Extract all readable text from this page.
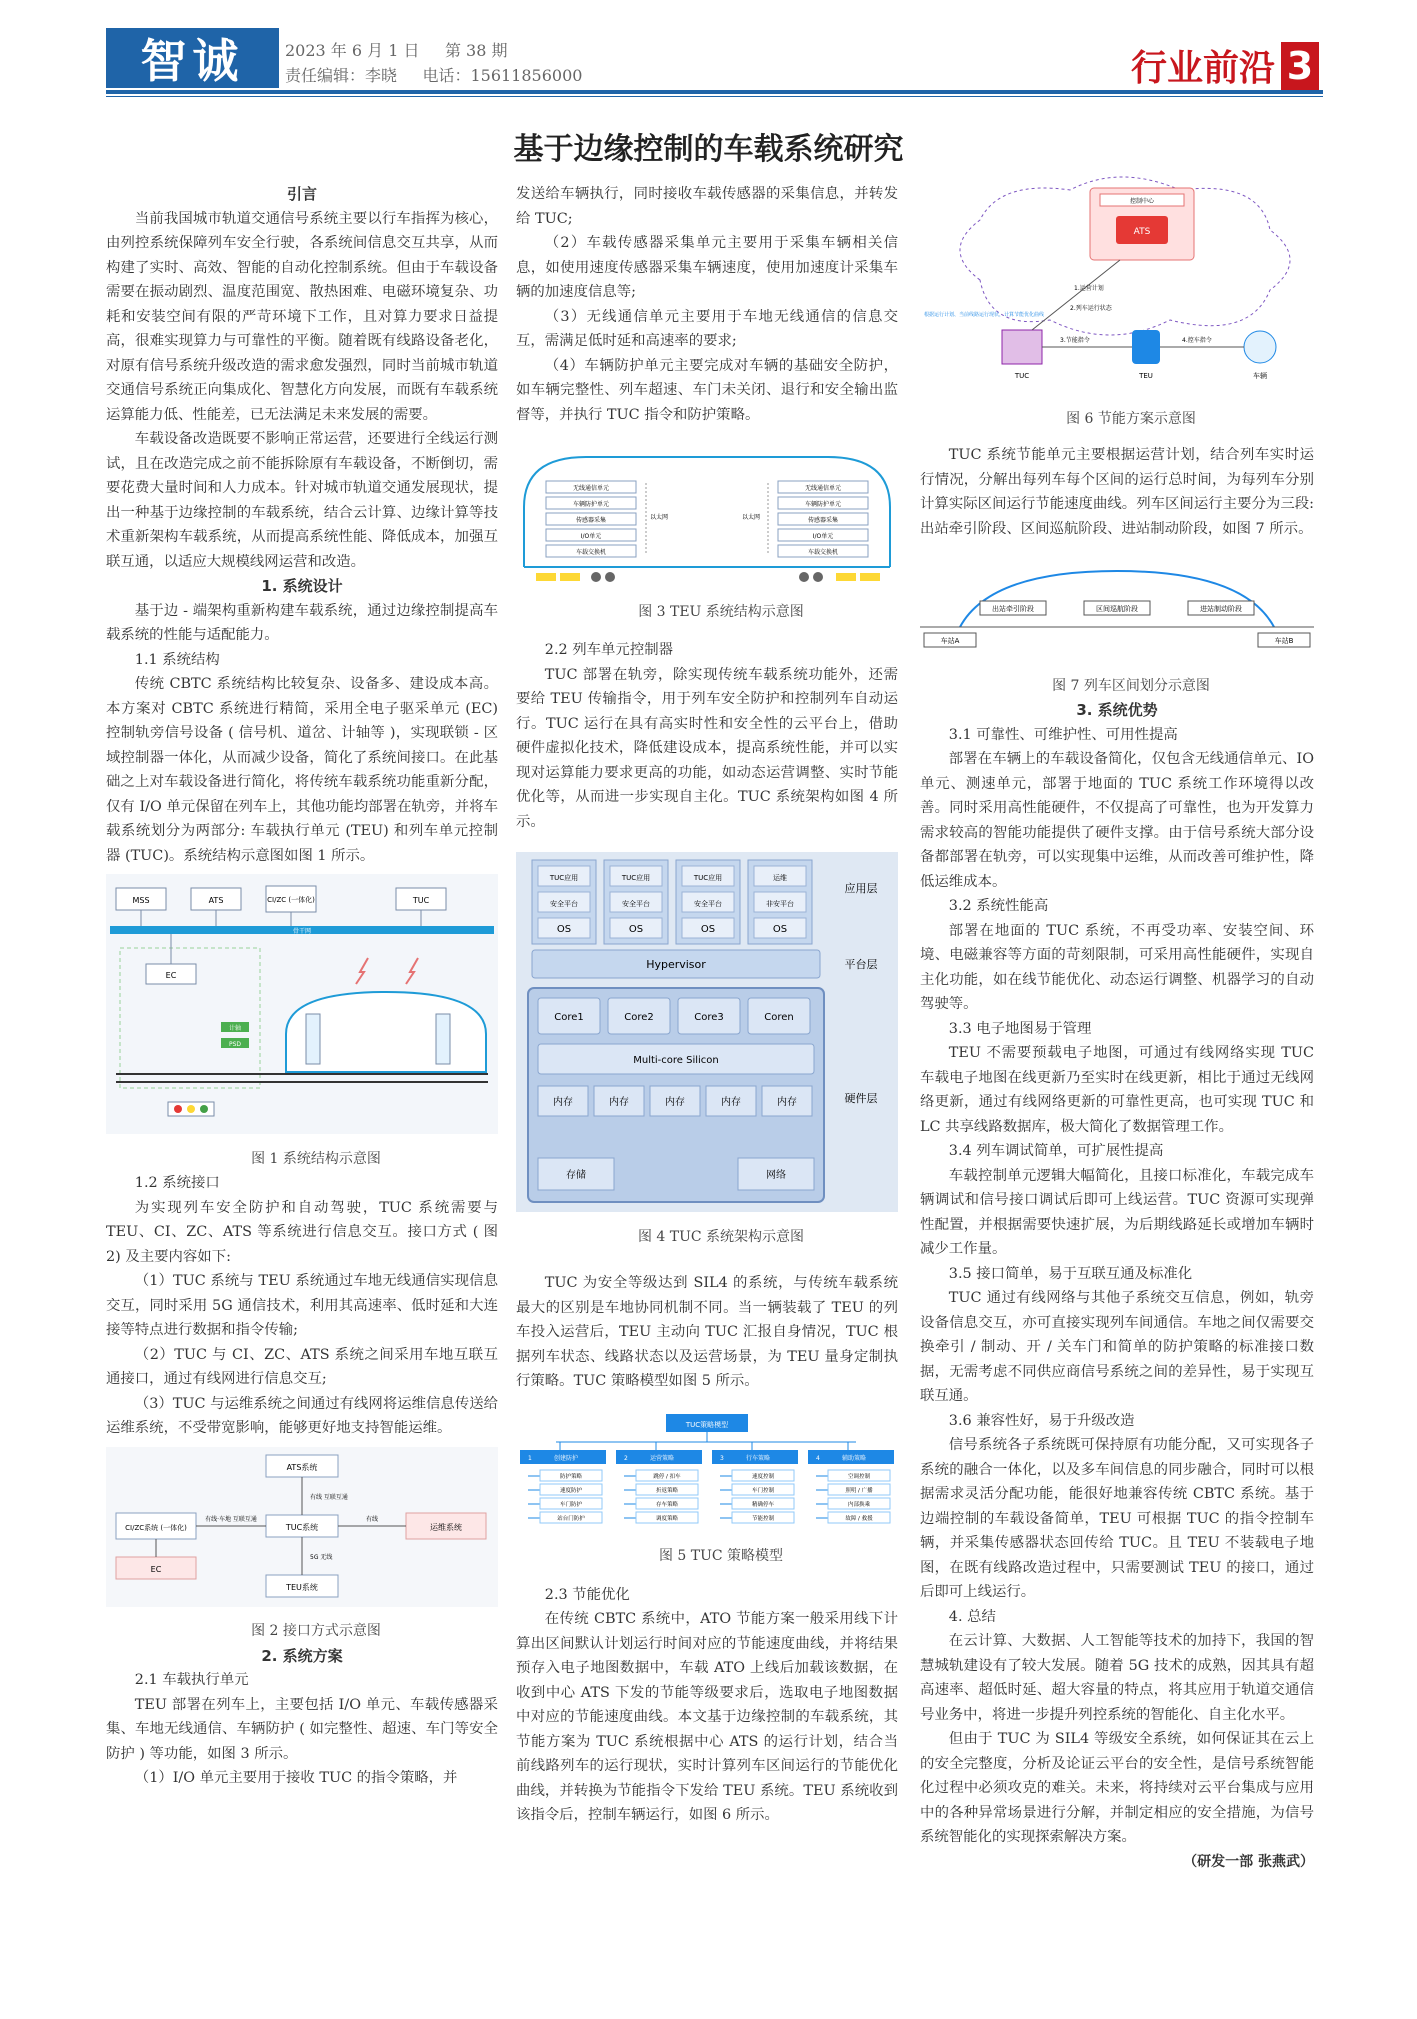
智诚	2023 年 6 月 1 日 第 38 期
责任编辑：李晓 电话：15611856000	行业前沿 3
基于边缘控制的车载系统研究

引言

当前我国城市轨道交通信号系统主要以行车指挥为核心，由列控系统保障列车安全行驶，各系统间信息交互共享，从而构建了实时、高效、智能的自动化控制系统。但由于车载设备需要在振动剧烈、温度范围宽、散热困难、电磁环境复杂、功耗和安装空间有限的严苛环境下工作，且对算力要求日益提高，很难实现算力与可靠性的平衡。随着既有线路设备老化，对原有信号系统升级改造的需求愈发强烈，同时当前城市轨道交通信号系统正向集成化、智慧化方向发展，而既有车载系统运算能力低、性能差，已无法满足未来发展的需要。

车载设备改造既要不影响正常运营，还要进行全线运行测试，且在改造完成之前不能拆除原有车载设备，不断倒切，需要花费大量时间和人力成本。针对城市轨道交通发展现状，提出一种基于边缘控制的车载系统，结合云计算、边缘计算等技术重新架构车载系统，从而提高系统性能、降低成本，加强互联互通，以适应大规模线网运营和改造。

1. 系统设计

基于边 - 端架构重新构建车载系统，通过边缘控制提高车载系统的性能与适配能力。

1.1 系统结构

传统 CBTC 系统结构比较复杂、设备多、建设成本高。本方案对 CBTC 系统进行精简，采用全电子驱采单元 (EC) 控制轨旁信号设备 ( 信号机、道岔、计轴等 )，实现联锁 - 区域控制器一体化，从而减少设备，简化了系统间接口。在此基础之上对车载设备进行简化，将传统车载系统功能重新分配，仅有 I/O 单元保留在列车上，其他功能均部署在轨旁，并将车载系统划分为两部分: 车载执行单元 (TEU) 和列车单元控制器 (TUC)。系统结构示意图如图 1 所示。

MSS	ATS	CI/ZC (一体化)	TUC
骨干网
EC
计轴
PSD

图 1 系统结构示意图

1.2 系统接口

为实现列车安全防护和自动驾驶，TUC 系统需要与 TEU、CI、ZC、ATS 等系统进行信息交互。接口方式 ( 图 2) 及主要内容如下:

（1）TUC 系统与 TEU 系统通过车地无线通信实现信息交互，同时采用 5G 通信技术，利用其高速率、低时延和大连接等特点进行数据和指令传输;

（2）TUC 与 CI、ZC、ATS 系统之间采用车地互联互通接口，通过有线网进行信息交互;

（3）TUC 与运维系统之间通过有线网将运维信息传送给运维系统，不受带宽影响，能够更好地支持智能运维。

ATS系统
CI/ZC系统 (一体化)	TUC系统	运维系统
EC
TEU系统
有线·车地 互联互通
有线 互联互通
有线
5G 无线

图 2 接口方式示意图

2. 系统方案

2.1 车载执行单元

TEU 部署在列车上，主要包括 I/O 单元、车载传感器采集、车地无线通信、车辆防护 ( 如完整性、超速、车门等安全防护 ) 等功能，如图 3 所示。

（1）I/O 单元主要用于接收 TUC 的指令策略，并

发送给车辆执行，同时接收车载传感器的采集信息，并转发给 TUC;

（2）车载传感器采集单元主要用于采集车辆相关信息，如使用速度传感器采集车辆速度，使用加速度计采集车辆的加速度信息等;

（3）无线通信单元主要用于车地无线通信的信息交互，需满足低时延和高速率的要求;

（4）车辆防护单元主要完成对车辆的基础安全防护，如车辆完整性、列车超速、车门未关闭、退行和安全输出监督等，并执行 TUC 指令和防护策略。

无线通信单元
车辆防护单元
传感器采集
I/O单元
车载交换机
无线通信单元
车辆防护单元
传感器采集
I/O单元
车载交换机
以太网	以太网

图 3 TEU 系统结构示意图

2.2 列车单元控制器

TUC 部署在轨旁，除实现传统车载系统功能外，还需要给 TEU 传输指令，用于列车安全防护和控制列车自动运行。TUC 运行在具有高实时性和安全性的云平台上，借助硬件虚拟化技术，降低建设成本，提高系统性能，并可以实现对运算能力要求更高的功能，如动态运营调整、实时节能优化等，从而进一步实现自主化。TUC 系统架构如图 4 所示。

TUC应用
安全平台
OS
TUC应用
安全平台
OS
TUC应用
安全平台
OS
运维
非安平台
OS
Hypervisor
Core1	Core2	Core3	Coren
Multi-core Silicon
内存	内存	内存	内存	内存
存储	网络
应用层
平台层
硬件层

图 4 TUC 系统架构示意图

TUC 为安全等级达到 SIL4 的系统，与传统车载系统最大的区别是车地协同机制不同。当一辆装载了 TEU 的列车投入运营后，TEU 主动向 TUC 汇报自身情况，TUC 根据列车状态、线路状态以及运营场景，为 TEU 量身定制执行策略。TUC 策略模型如图 5 所示。

TUC策略模型
1	创建防护
防护策略
速度防护
车门防护
站台门防护
2	运营策略
跳停 / 扣车
折返策略
存车策略
调度策略
3	行车策略
速度控制
车门控制
精确停车
节能控制
4	辅助策略
空调控制
照明 / 广播
内部换乘
故障 / 救援

图 5 TUC 策略模型

2.3 节能优化

在传统 CBTC 系统中，ATO 节能方案一般采用线下计算出区间默认计划运行时间对应的节能速度曲线，并将结果预存入电子地图数据中，车载 ATO 上线后加载该数据，在收到中心 ATS 下发的节能等级要求后，选取电子地图数据中对应的节能速度曲线。本文基于边缘控制的车载系统，其节能方案为 TUC 系统根据中心 ATS 的运行计划，结合当前线路列车的运行现状，实时计算列车区间运行的节能优化曲线，并转换为节能指令下发给 TEU 系统。TEU 系统收到该指令后，控制车辆运行，如图 6 所示。

控制中心
ATS
TUC	TEU	车辆
1.运营计划
2.列车运行状态
3.节能指令	4.控车指令
根据运行计划、当前线路运行现状，计算节能优化曲线

图 6 节能方案示意图

TUC 系统节能单元主要根据运营计划，结合列车实时运行情况，分解出每列车每个区间的运行总时间，为每列车分别计算实际区间运行节能速度曲线。列车区间运行主要分为三段: 出站牵引阶段、区间巡航阶段、进站制动阶段，如图 7 所示。

出站牵引阶段	区间巡航阶段	进站制动阶段
车站A	车站B

图 7 列车区间划分示意图

3. 系统优势

3.1 可靠性、可维护性、可用性提高

部署在车辆上的车载设备简化，仅包含无线通信单元、IO 单元、测速单元，部署于地面的 TUC 系统工作环境得以改善。同时采用高性能硬件，不仅提高了可靠性，也为开发算力需求较高的智能功能提供了硬件支撑。由于信号系统大部分设备都部署在轨旁，可以实现集中运维，从而改善可维护性，降低运维成本。

3.2 系统性能高

部署在地面的 TUC 系统，不再受功率、安装空间、环境、电磁兼容等方面的苛刻限制，可采用高性能硬件，实现自主化功能，如在线节能优化、动态运行调整、机器学习的自动驾驶等。

3.3 电子地图易于管理

TEU 不需要预载电子地图，可通过有线网络实现 TUC 车载电子地图在线更新乃至实时在线更新，相比于通过无线网络更新，通过有线网络更新的可靠性更高，也可实现 TUC 和 LC 共享线路数据库，极大简化了数据管理工作。

3.4 列车调试简单，可扩展性提高

车载控制单元逻辑大幅简化，且接口标准化，车载完成车辆调试和信号接口调试后即可上线运营。TUC 资源可实现弹性配置，并根据需要快速扩展，为后期线路延长或增加车辆时减少工作量。

3.5 接口简单，易于互联互通及标准化

TUC 通过有线网络与其他子系统交互信息，例如，轨旁设备信息交互，亦可直接实现列车间通信。车地之间仅需要交换牵引 / 制动、开 / 关车门和简单的防护策略的标准接口数据，无需考虑不同供应商信号系统之间的差异性，易于实现互联互通。

3.6 兼容性好，易于升级改造

信号系统各子系统既可保持原有功能分配，又可实现各子系统的融合一体化，以及多车间信息的同步融合，同时可以根据需求灵活分配功能，能很好地兼容传统 CBTC 系统。基于边端控制的车载设备简单，TEU 可根据 TUC 的指令控制车辆，并采集传感器状态回传给 TUC。且 TEU 不装载电子地图，在既有线路改造过程中，只需要测试 TEU 的接口，通过后即可上线运行。

4. 总结

在云计算、大数据、人工智能等技术的加持下，我国的智慧城轨建设有了较大发展。随着 5G 技术的成熟，因其具有超高速率、超低时延、超大容量的特点，将其应用于轨道交通信号业务中，将进一步提升列控系统的智能化、自主化水平。

但由于 TUC 为 SIL4 等级安全系统，如何保证其在云上的安全完整度，分析及论证云平台的安全性，是信号系统智能化过程中必须攻克的难关。未来，将持续对云平台集成与应用中的各种异常场景进行分解，并制定相应的安全措施，为信号系统智能化的实现探索解决方案。

（研发一部 张燕武）
